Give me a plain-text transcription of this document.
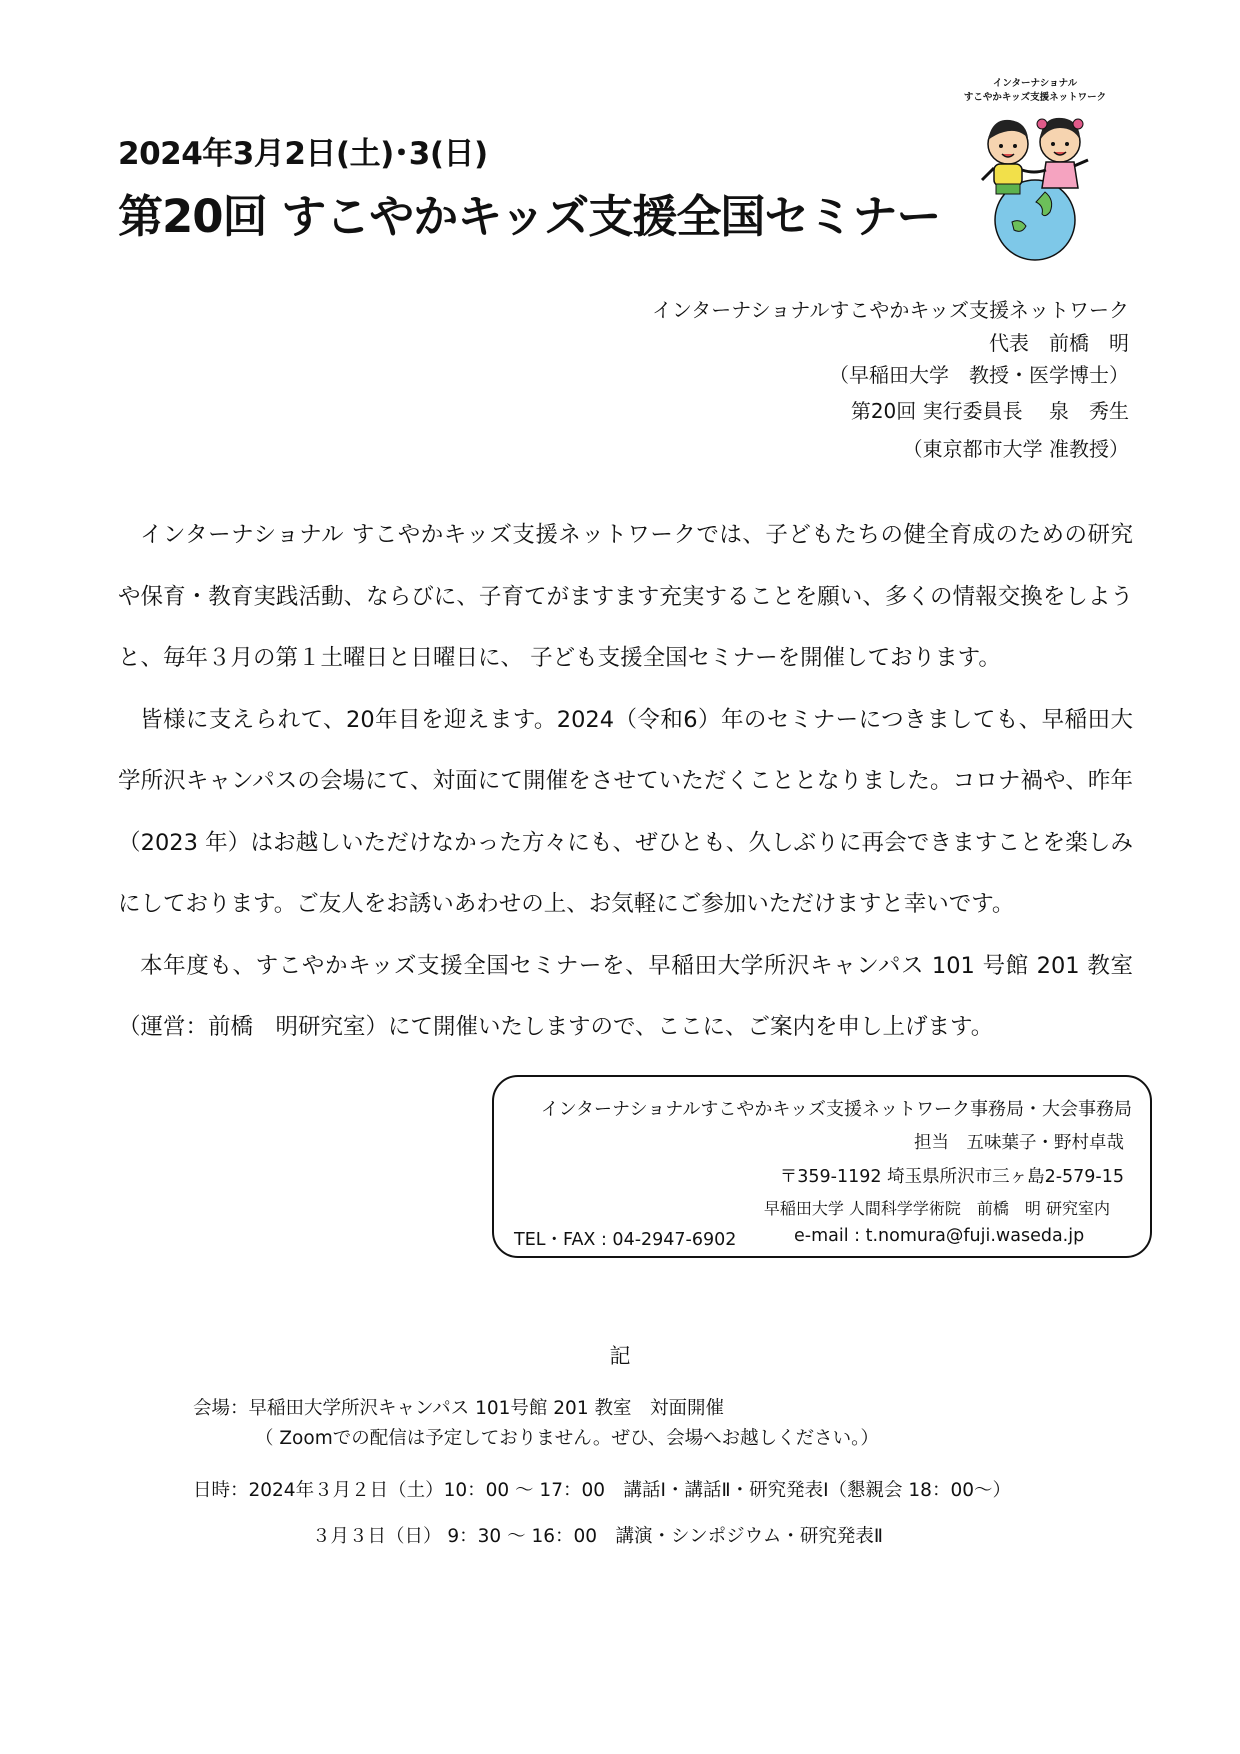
2024年3月2日(土)･3(日)
第20回 すこやかキッズ支援全国セミナー
インターナショナル
すこやかキッズ支援ネットワーク
インターナショナルすこやかキッズ支援ネットワーク
代表　前橋　明
（早稲田大学　教授・医学博士）
第20回 実行委員長　 泉　秀生
（東京都市大学 准教授）

インターナショナル すこやかキッズ支援ネットワークでは、子どもたちの健全育成のための研究や保育・教育実践活動、ならびに、子育てがますます充実することを願い、多くの情報交換をしようと、毎年３月の第１土曜日と日曜日に、 子ども支援全国セミナーを開催しております。

皆様に支えられて、20年目を迎えます。2024（令和6）年のセミナーにつきましても、早稲田大学所沢キャンパスの会場にて、対面にて開催をさせていただくこととなりました。コロナ禍や、昨年（2023 年）はお越しいただけなかった方々にも、ぜひとも、久しぶりに再会できますことを楽しみにしております。ご友人をお誘いあわせの上、お気軽にご参加いただけますと幸いです。

本年度も、すこやかキッズ支援全国セミナーを、早稲田大学所沢キャンパス 101 号館 201 教室（運営：前橋　明研究室）にて開催いたしますので、ここに、ご案内を申し上げます。

インターナショナルすこやかキッズ支援ネットワーク事務局・大会事務局
担当　五味葉子・野村卓哉
〒359-1192 埼玉県所沢市三ヶ島2-579-15
早稲田大学 人間科学学術院　前橋　明 研究室内
TEL・FAX : 04-2947-6902	e-mail : t.nomura@fuji.waseda.jp
記
会場：早稲田大学所沢キャンパス 101号館 201 教室　対面開催
（ Zoomでの配信は予定しておりません。ぜひ、会場へお越しください。）
日時：2024年３月２日（土）10：00 ～ 17：00　講話Ⅰ・講話Ⅱ・研究発表Ⅰ（懇親会 18：00～）
３月３日（日） 9：30 ～ 16：00　講演・シンポジウム・研究発表Ⅱ
